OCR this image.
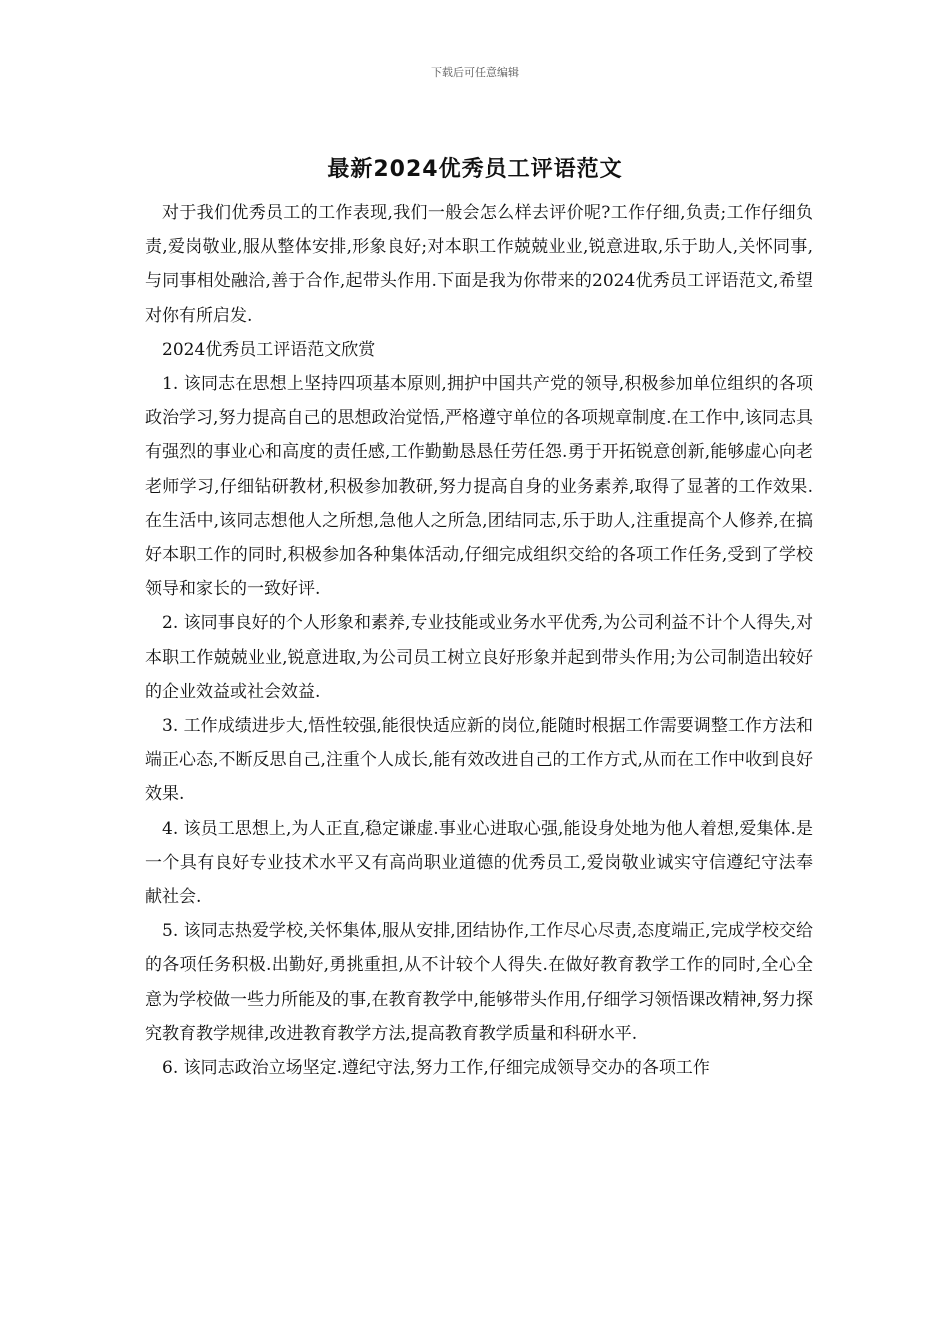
下载后可任意编辑
最新2024优秀员工评语范文

对于我们优秀员工的工作表现,我们一般会怎么样去评价呢?工作仔细,负责;工作仔细负责,爱岗敬业,服从整体安排,形象良好;对本职工作兢兢业业,锐意进取,乐于助人,关怀同事,与同事相处融洽,善于合作,起带头作用.下面是我为你带来的2024优秀员工评语范文,希望对你有所启发.

2024优秀员工评语范文欣赏

1. 该同志在思想上坚持四项基本原则,拥护中国共产党的领导,积极参加单位组织的各项政治学习,努力提高自己的思想政治觉悟,严格遵守单位的各项规章制度.在工作中,该同志具有强烈的事业心和高度的责任感,工作勤勤恳恳任劳任怨.勇于开拓锐意创新,能够虚心向老老师学习,仔细钻研教材,积极参加教研,努力提高自身的业务素养,取得了显著的工作效果.在生活中,该同志想他人之所想,急他人之所急,团结同志,乐于助人,注重提高个人修养,在搞好本职工作的同时,积极参加各种集体活动,仔细完成组织交给的各项工作任务,受到了学校领导和家长的一致好评.

2. 该同事良好的个人形象和素养,专业技能或业务水平优秀,为公司利益不计个人得失,对本职工作兢兢业业,锐意进取,为公司员工树立良好形象并起到带头作用;为公司制造出较好的企业效益或社会效益.

3. 工作成绩进步大,悟性较强,能很快适应新的岗位,能随时根据工作需要调整工作方法和端正心态,不断反思自己,注重个人成长,能有效改进自己的工作方式,从而在工作中收到良好效果.

4. 该员工思想上,为人正直,稳定谦虚.事业心进取心强,能设身处地为他人着想,爱集体.是一个具有良好专业技术水平又有高尚职业道德的优秀员工,爱岗敬业诚实守信遵纪守法奉献社会.

5. 该同志热爱学校,关怀集体,服从安排,团结协作,工作尽心尽责,态度端正,完成学校交给的各项任务积极.出勤好,勇挑重担,从不计较个人得失.在做好教育教学工作的同时,全心全意为学校做一些力所能及的事,在教育教学中,能够带头作用,仔细学习领悟课改精神,努力探究教育教学规律,改进教育教学方法,提高教育教学质量和科研水平.

6. 该同志政治立场坚定.遵纪守法,努力工作,仔细完成领导交办的各项工作
